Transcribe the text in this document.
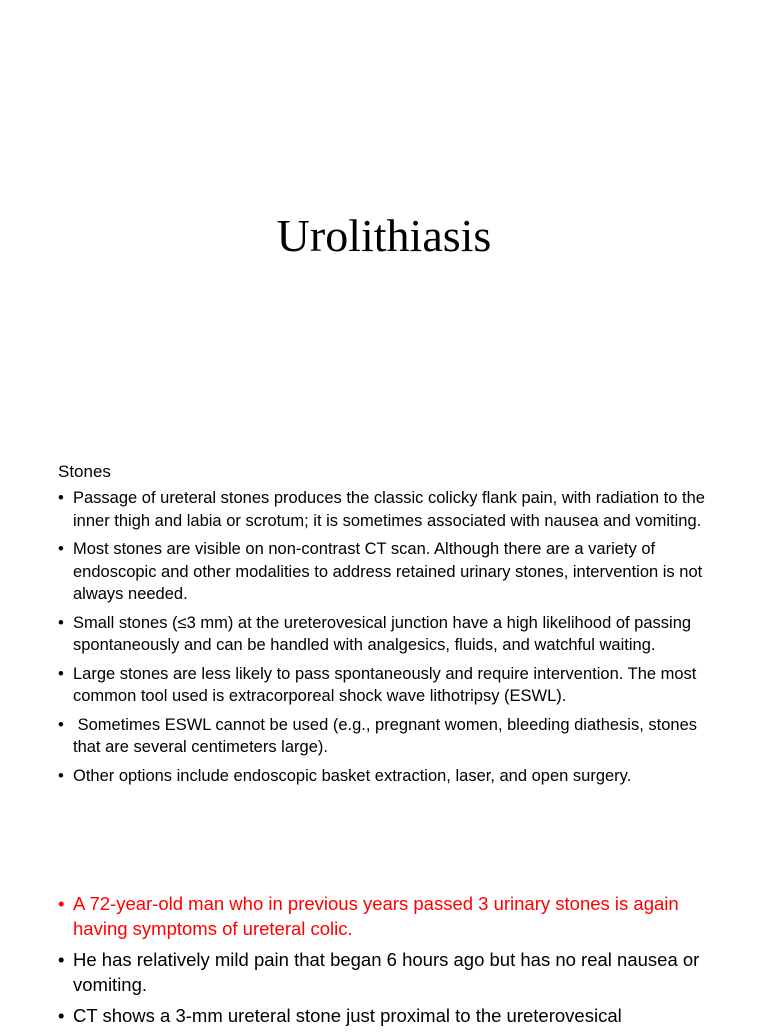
Urolithiasis
Stones
• Passage of ureteral stones produces the classic colicky flank pain, with radiation to the inner thigh and labia or scrotum; it is sometimes associated with nausea and vomiting.
• Most stones are visible on non-contrast CT scan. Although there are a variety of endoscopic and other modalities to address retained urinary stones, intervention is not always needed.
• Small stones (≤3 mm) at the ureterovesical junction have a high likelihood of passing spontaneously and can be handled with analgesics, fluids, and watchful waiting.
• Large stones are less likely to pass spontaneously and require intervention. The most common tool used is extracorporeal shock wave lithotripsy (ESWL).
• Sometimes ESWL cannot be used (e.g., pregnant women, bleeding diathesis, stones that are several centimeters large).
• Other options include endoscopic basket extraction, laser, and open surgery.
• A 72-year-old man who in previous years passed 3 urinary stones is again having symptoms of ureteral colic.
• He has relatively mild pain that began 6 hours ago but has no real nausea or vomiting.
• CT shows a 3-mm ureteral stone just proximal to the ureterovesical
